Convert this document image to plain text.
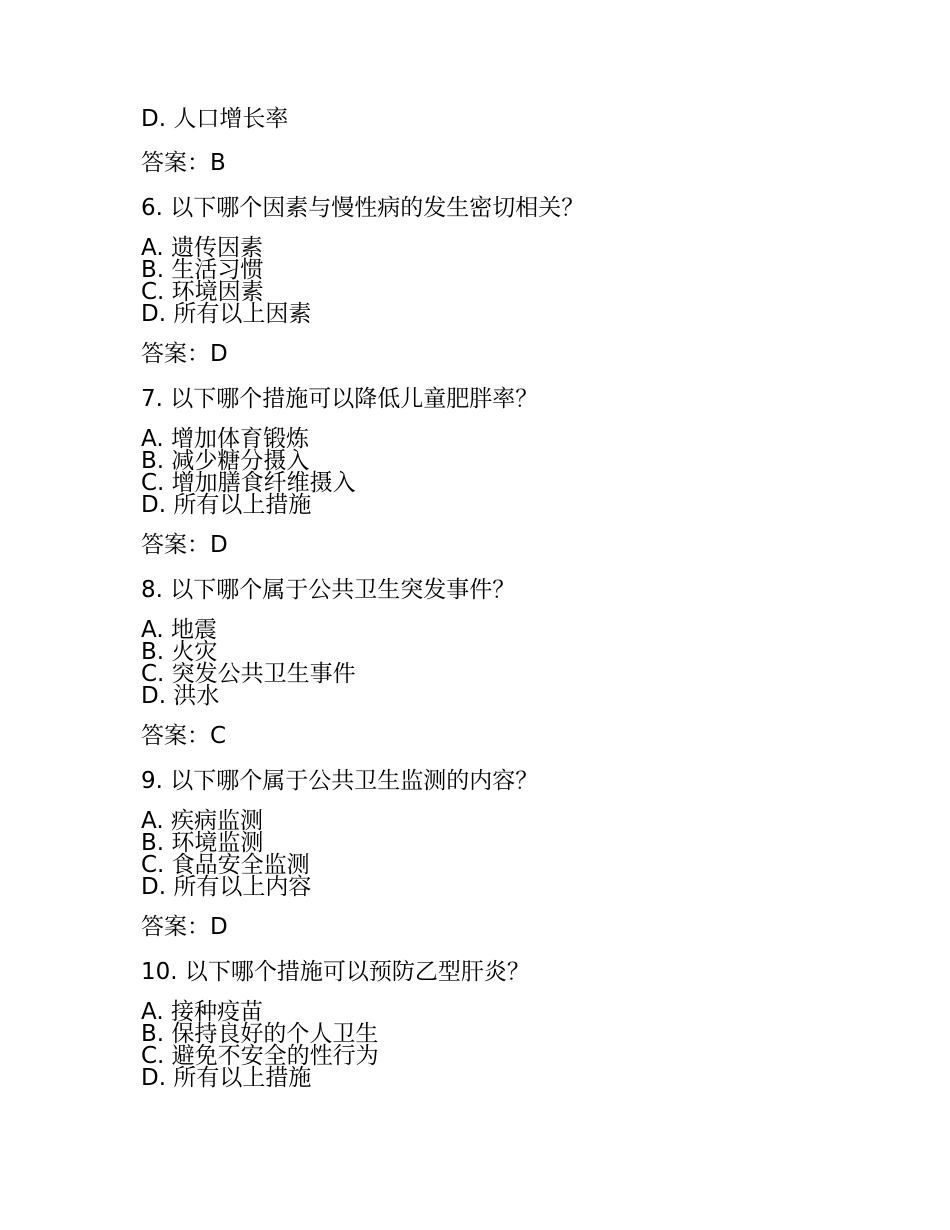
D. 人口增长率
答案：B
6. 以下哪个因素与慢性病的发生密切相关？
A. 遗传因素
B. 生活习惯
C. 环境因素
D. 所有以上因素
答案：D
7. 以下哪个措施可以降低儿童肥胖率？
A. 增加体育锻炼
B. 减少糖分摄入
C. 增加膳食纤维摄入
D. 所有以上措施
答案：D
8. 以下哪个属于公共卫生突发事件？
A. 地震
B. 火灾
C. 突发公共卫生事件
D. 洪水
答案：C
9. 以下哪个属于公共卫生监测的内容？
A. 疾病监测
B. 环境监测
C. 食品安全监测
D. 所有以上内容
答案：D
10. 以下哪个措施可以预防乙型肝炎？
A. 接种疫苗
B. 保持良好的个人卫生
C. 避免不安全的性行为
D. 所有以上措施
